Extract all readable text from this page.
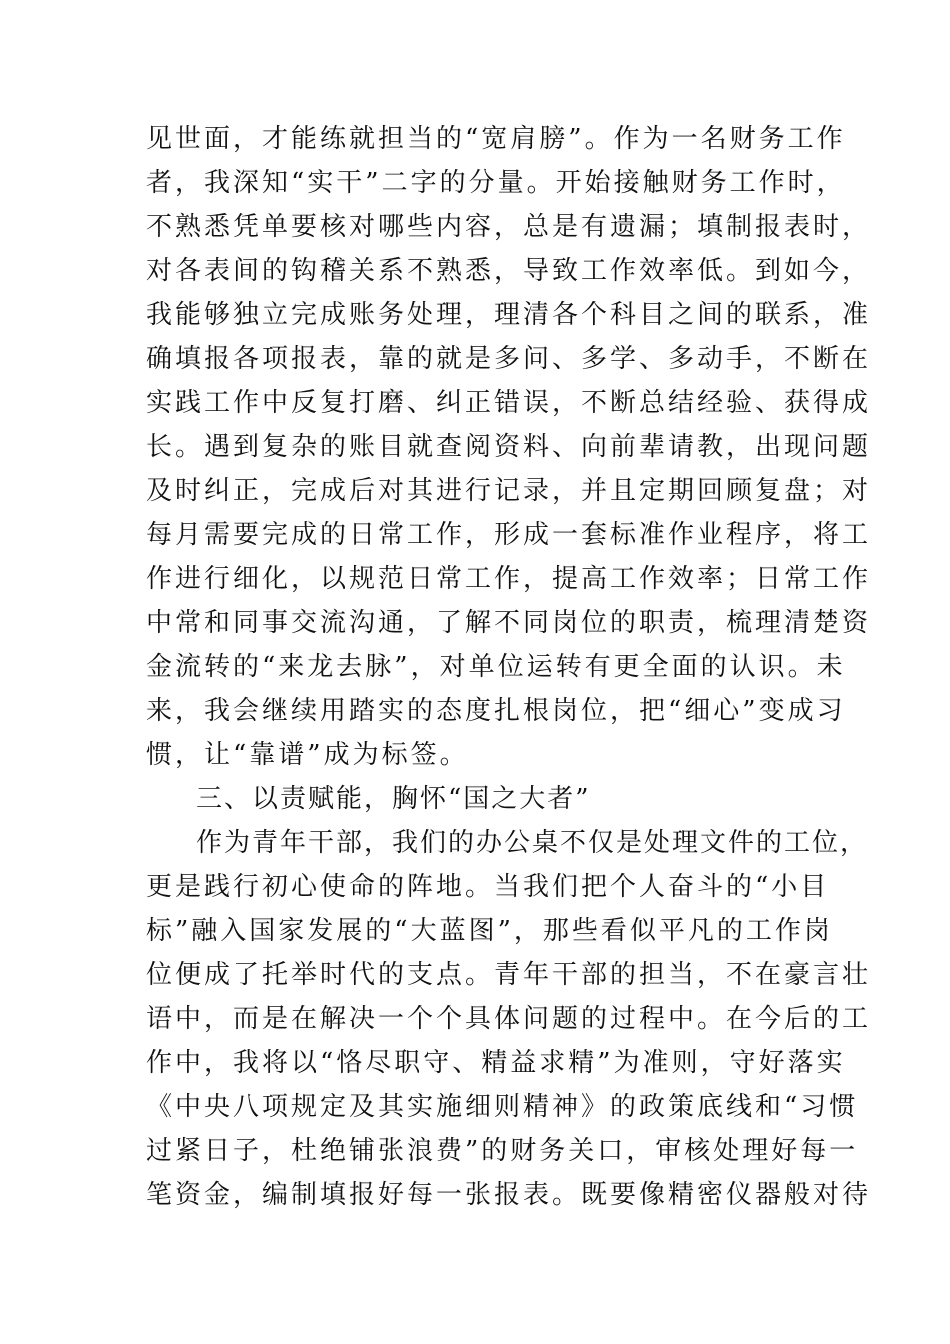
见世面，才能练就担当的“宽肩膀”。作为一名财务工作
者，我深知“实干”二字的分量。开始接触财务工作时，
不熟悉凭单要核对哪些内容，总是有遗漏；填制报表时，
对各表间的钩稽关系不熟悉，导致工作效率低。到如今，
我能够独立完成账务处理，理清各个科目之间的联系，准
确填报各项报表，靠的就是多问、多学、多动手，不断在
实践工作中反复打磨、纠正错误，不断总结经验、获得成
长。遇到复杂的账目就查阅资料、向前辈请教，出现问题
及时纠正，完成后对其进行记录，并且定期回顾复盘；对
每月需要完成的日常工作，形成一套标准作业程序，将工
作进行细化，以规范日常工作，提高工作效率；日常工作
中常和同事交流沟通，了解不同岗位的职责，梳理清楚资
金流转的“来龙去脉”，对单位运转有更全面的认识。未
来，我会继续用踏实的态度扎根岗位，把“细心”变成习
惯，让“靠谱”成为标签。
三、以责赋能，胸怀“国之大者”
作为青年干部，我们的办公桌不仅是处理文件的工位，
更是践行初心使命的阵地。当我们把个人奋斗的“小目
标”融入国家发展的“大蓝图”，那些看似平凡的工作岗
位便成了托举时代的支点。青年干部的担当，不在豪言壮
语中，而是在解决一个个具体问题的过程中。在今后的工
作中，我将以“恪尽职守、精益求精”为准则，守好落实
《中央八项规定及其实施细则精神》的政策底线和“习惯
过紧日子，杜绝铺张浪费”的财务关口，审核处理好每一
笔资金，编制填报好每一张报表。既要像精密仪器般对待
